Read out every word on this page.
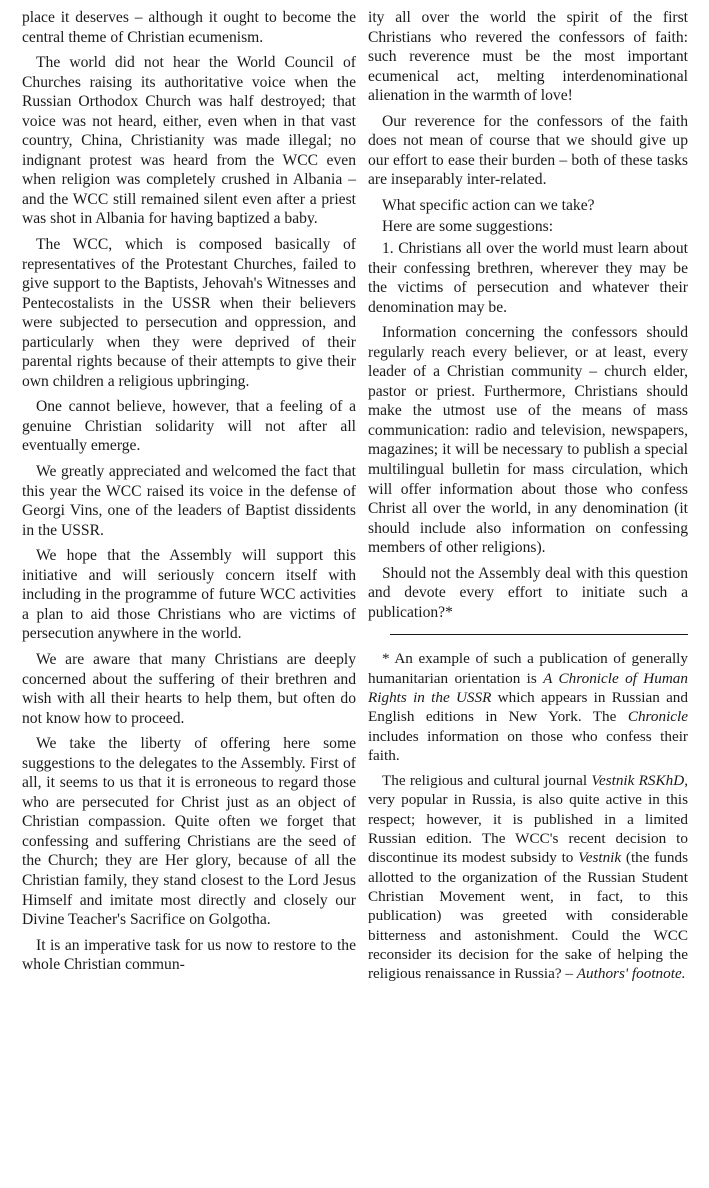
place it deserves – although it ought to become the central theme of Christian ecumenism.

The world did not hear the World Council of Churches raising its authoritative voice when the Russian Orthodox Church was half destroyed; that voice was not heard, either, even when in that vast country, China, Christianity was made illegal; no indignant protest was heard from the WCC even when religion was completely crushed in Albania – and the WCC still remained silent even after a priest was shot in Albania for having baptized a baby.

The WCC, which is composed basically of representatives of the Protestant Churches, failed to give support to the Baptists, Jehovah's Witnesses and Pentecostalists in the USSR when their believers were subjected to persecution and oppression, and particularly when they were deprived of their parental rights because of their attempts to give their own children a religious upbringing.

One cannot believe, however, that a feeling of a genuine Christian solidarity will not after all eventually emerge.

We greatly appreciated and welcomed the fact that this year the WCC raised its voice in the defense of Georgi Vins, one of the leaders of Baptist dissidents in the USSR.

We hope that the Assembly will support this initiative and will seriously concern itself with including in the programme of future WCC activities a plan to aid those Christians who are victims of persecution anywhere in the world.

We are aware that many Christians are deeply concerned about the suffering of their brethren and wish with all their hearts to help them, but often do not know how to proceed.

We take the liberty of offering here some suggestions to the delegates to the Assembly. First of all, it seems to us that it is erroneous to regard those who are persecuted for Christ just as an object of Christian compassion. Quite often we forget that confessing and suffering Christians are the seed of the Church; they are Her glory, because of all the Christian family, they stand closest to the Lord Jesus Himself and imitate most directly and closely our Divine Teacher's Sacrifice on Golgotha.

It is an imperative task for us now to restore to the whole Christian commun-

ity all over the world the spirit of the first Christians who revered the confessors of faith: such reverence must be the most important ecumenical act, melting interdenominational alienation in the warmth of love!

Our reverence for the confessors of the faith does not mean of course that we should give up our effort to ease their burden – both of these tasks are inseparably inter-related.

What specific action can we take?

Here are some suggestions:

1. Christians all over the world must learn about their confessing brethren, wherever they may be the victims of persecution and whatever their denomination may be.

Information concerning the confessors should regularly reach every believer, or at least, every leader of a Christian community – church elder, pastor or priest. Furthermore, Christians should make the utmost use of the means of mass communication: radio and television, newspapers, magazines; it will be necessary to publish a special multilingual bulletin for mass circulation, which will offer information about those who confess Christ all over the world, in any denomination (it should include also information on confessing members of other religions).

Should not the Assembly deal with this question and devote every effort to initiate such a publication?*

* An example of such a publication of generally humanitarian orientation is A Chronicle of Human Rights in the USSR which appears in Russian and English editions in New York. The Chronicle includes information on those who confess their faith.

The religious and cultural journal Vestnik RSKhD, very popular in Russia, is also quite active in this respect; however, it is published in a limited Russian edition. The WCC's recent decision to discontinue its modest subsidy to Vestnik (the funds allotted to the organization of the Russian Student Christian Movement went, in fact, to this publication) was greeted with considerable bitterness and astonishment. Could the WCC reconsider its decision for the sake of helping the religious renaissance in Russia? – Authors' footnote.
